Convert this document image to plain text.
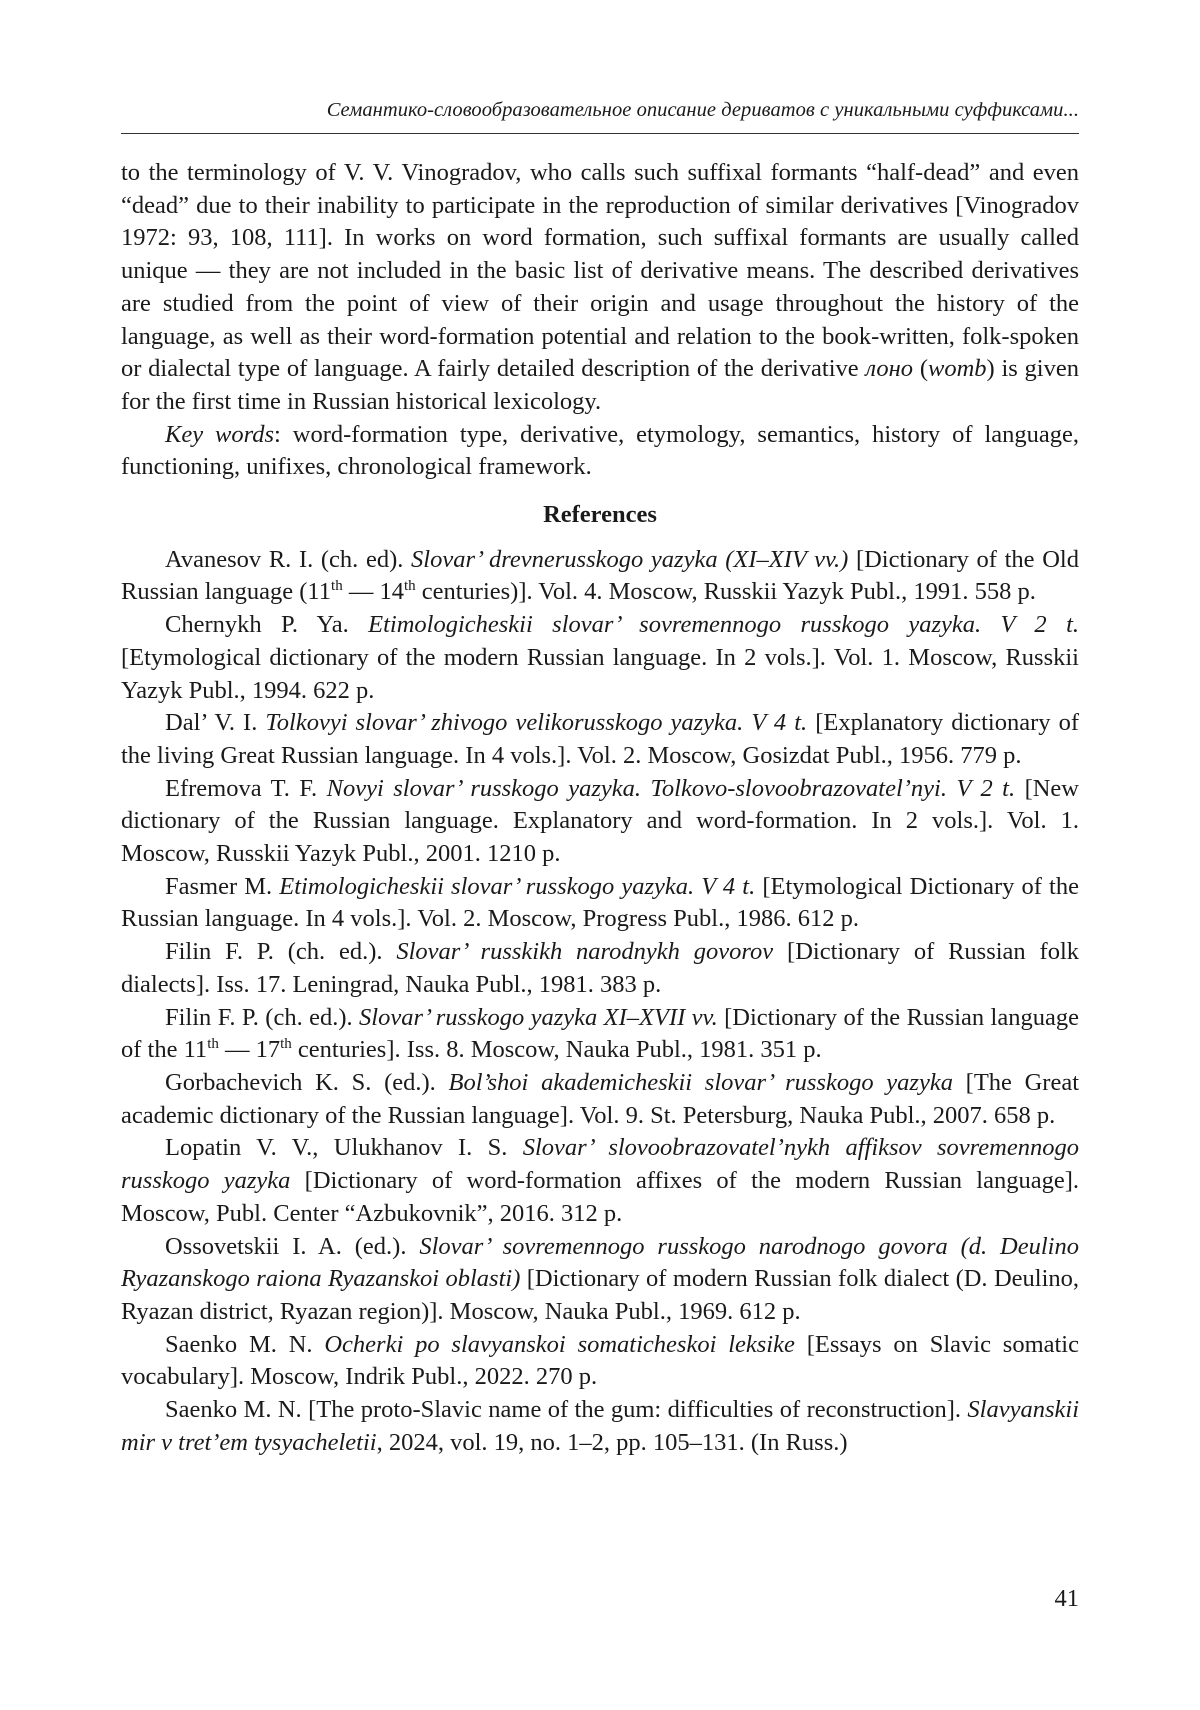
Семантико-словообразовательное описание дериватов с уникальными суффиксами...

to the terminology of V. V. Vinogradov, who calls such suffixal formants “half-dead” and even “dead” due to their inability to participate in the reproduction of similar derivatives [Vinogradov 1972: 93, 108, 111]. In works on word formation, such suffixal formants are usually called unique — they are not included in the basic list of derivative means. The described derivatives are studied from the point of view of their origin and usage throughout the history of the language, as well as their word-formation potential and relation to the book-written, folk-spoken or dialectal type of language. A fairly detailed description of the derivative лоно (womb) is given for the first time in Russian historical lexicology.

Key words: word-formation type, derivative, etymology, semantics, history of language, functioning, unifixes, chronological framework.

References

Avanesov R. I. (ch. ed). Slovar’ drevnerusskogo yazyka (XI–XIV vv.) [Dictionary of the Old Russian language (11th — 14th centuries)]. Vol. 4. Moscow, Russkii Yazyk Publ., 1991. 558 p.

Chernykh P. Ya. Etimologicheskii slovar’ sovremennogo russkogo yazyka. V 2 t. [Etymological dictionary of the modern Russian language. In 2 vols.]. Vol. 1. Moscow, Russkii Yazyk Publ., 1994. 622 p.

Dal’ V. I. Tolkovyi slovar’ zhivogo velikorusskogo yazyka. V 4 t. [Explanatory dictionary of the living Great Russian language. In 4 vols.]. Vol. 2. Moscow, Gosizdat Publ., 1956. 779 p.

Efremova T. F. Novyi slovar’ russkogo yazyka. Tolkovo-slovoobrazovatel’nyi. V 2 t. [New dictionary of the Russian language. Explanatory and word-formation. In 2 vols.]. Vol. 1. Moscow, Russkii Yazyk Publ., 2001. 1210 p.

Fasmer M. Etimologicheskii slovar’ russkogo yazyka. V 4 t. [Etymological Dictionary of the Russian language. In 4 vols.]. Vol. 2. Moscow, Progress Publ., 1986. 612 p.

Filin F. P. (ch. ed.). Slovar’ russkikh narodnykh govorov [Dictionary of Russian folk dialects]. Iss. 17. Leningrad, Nauka Publ., 1981. 383 p.

Filin F. P. (ch. ed.). Slovar’ russkogo yazyka XI–XVII vv. [Dictionary of the Russian language of the 11th — 17th centuries]. Iss. 8. Moscow, Nauka Publ., 1981. 351 p.

Gorbachevich K. S. (ed.). Bol’shoi akademicheskii slovar’ russkogo yazyka [The Great academic dictionary of the Russian language]. Vol. 9. St. Petersburg, Nauka Publ., 2007. 658 p.

Lopatin V. V., Ulukhanov I. S. Slovar’ slovoobrazovatel’nykh affiksov sovremennogo russkogo yazyka [Dictionary of word-formation affixes of the modern Russian language]. Moscow, Publ. Center “Azbukovnik”, 2016. 312 p.

Ossovetskii I. A. (ed.). Slovar’ sovremennogo russkogo narodnogo govora (d. Deulino Ryazanskogo raiona Ryazanskoi oblasti) [Dictionary of modern Russian folk dialect (D. Deulino, Ryazan district, Ryazan region)]. Moscow, Nauka Publ., 1969. 612 p.

Saenko M. N. Ocherki po slavyanskoi somaticheskoi leksike [Essays on Slavic somatic vocabulary]. Moscow, Indrik Publ., 2022. 270 p.

Saenko M. N. [The proto-Slavic name of the gum: difficulties of reconstruction]. Slavyanskii mir v tret’em tysyacheletii, 2024, vol. 19, no. 1–2, pp. 105–131. (In Russ.)

41
